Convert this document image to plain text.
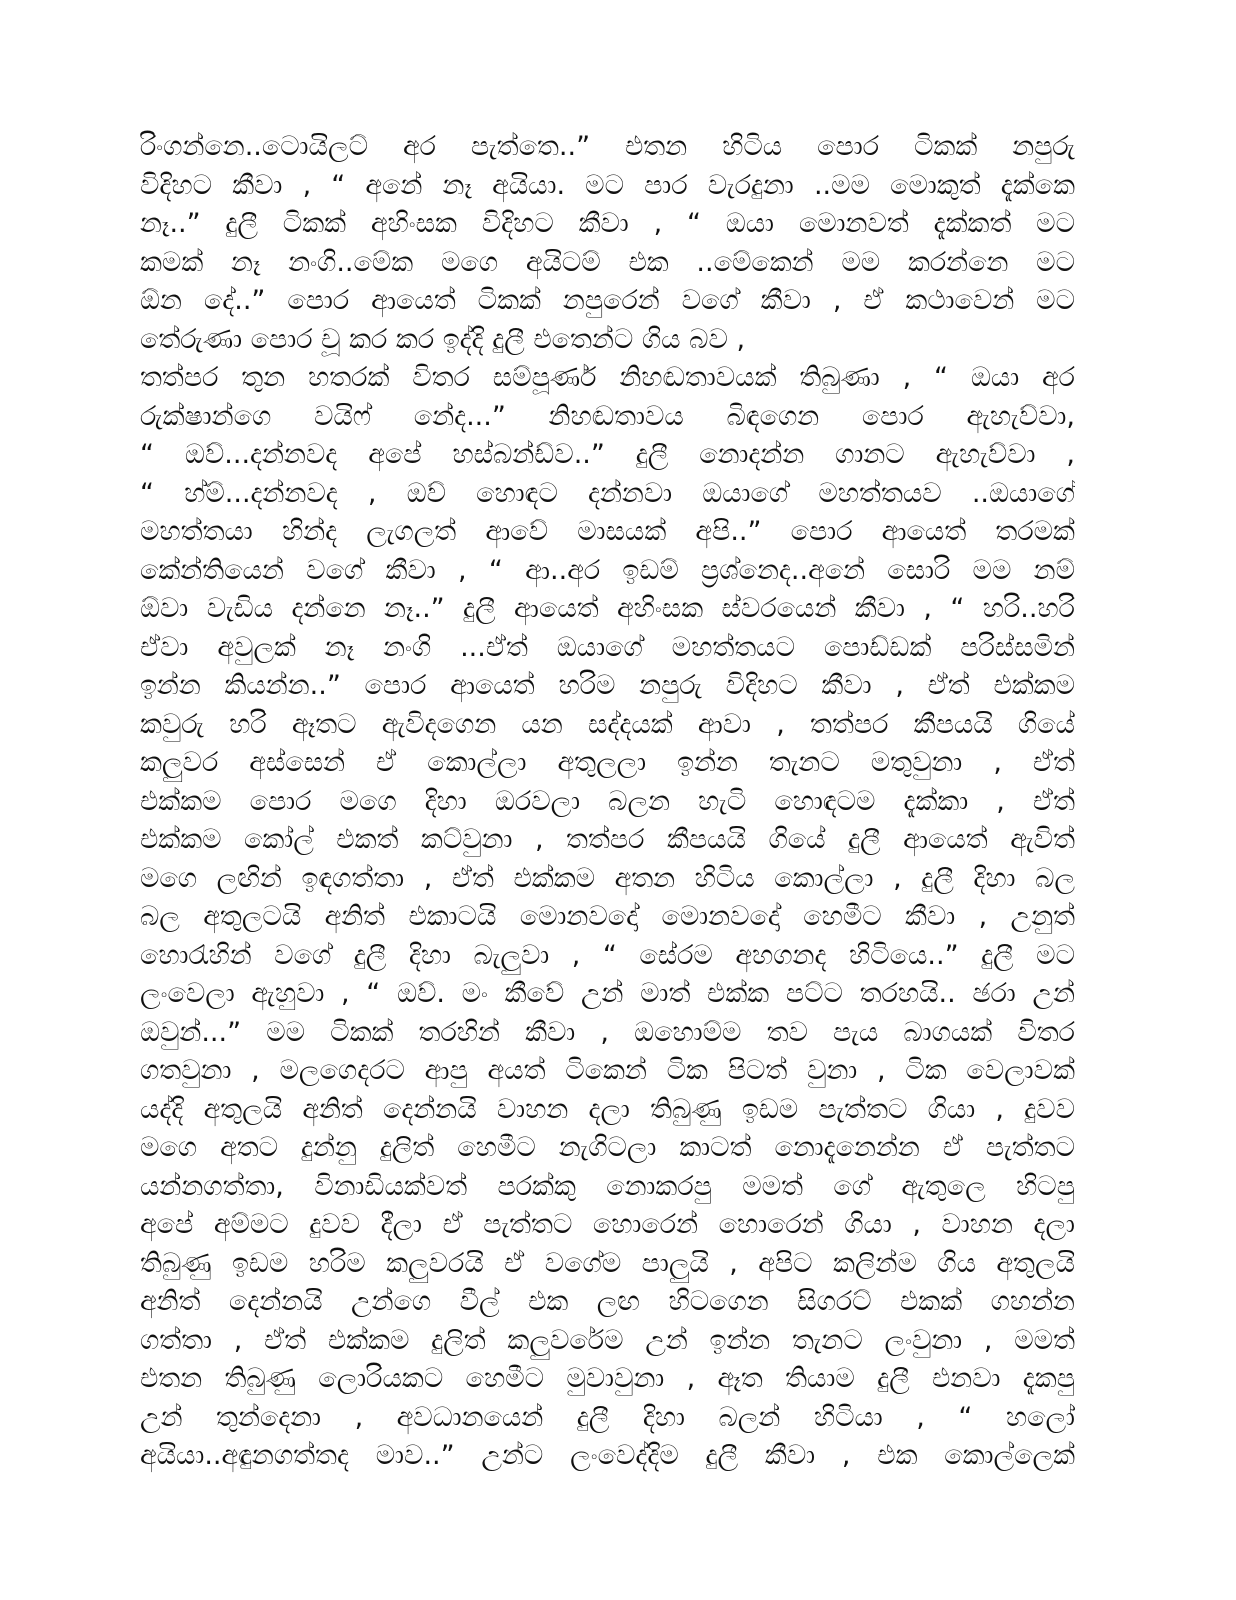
රිංගන්නෙ..ටොයිලට් අර පැත්තෙ..” එතන හිටිය පොර ටිකක් නපුරු
විදිහට කීවා , “ අනේ නෑ අයියා. මට පාර වැරදුනා ..මම මොකුත් දැක්කෙ
නෑ..” දුලී ටිකක් අහිංසක විදිහට කීවා , “ ඔයා මොනවත් දැක්කත් මට
කමක් නෑ නංගි..මේක මගෙ අයිටම් එක ..මේකෙන් මම කරන්නෙ මට
ඕන දේ..” පොර ආයෙත් ටිකක් නපුරෙන් වගේ කීවා , ඒ කථාවෙන් මට
තේරුණා පොර චූ කර කර ඉද්දි දුලී එතෙන්ට ගිය බව ,
තත්පර තුන හතරක් විතර සම්පූර්ණ නිහඬතාවයක් තිබුණා , “ ඔයා අර
රුක්ෂාන්ගෙ වයිෆ් නේද...” නිහඬතාවය බිඳගෙන පොර ඇහැව්වා,
“ ඔව්...දන්නවද අපේ හස්බන්ඩ්ව..” දුලී නොදන්න ගානට ඇහැව්වා ,
“ හ්ම්...දන්නවද , ඔව් හොඳට දන්නවා ඔයාගේ මහත්තයව ..ඔයාගේ
මහත්තයා හින්ද ලැගලත් ආවේ මාසයක් අපි..” පොර ආයෙත් තරමක්
කේන්තියෙන් වගේ කීවා , “ ආ..අර ඉඩම් ප්‍රශ්නෙද..අනේ සොරි මම නම්
ඕවා වැඩිය දන්නෙ නෑ..” දුලී ආයෙත් අහිංසක ස්වරයෙන් කීවා , “ හරි..හරි
ඒවා අවුලක් නෑ නංගි ...ඒත් ඔයාගේ මහත්තයට පොඩ්ඩක් පරිස්සමින්
ඉන්න කියන්න..” පොර ආයෙත් හරිම නපුරු විදිහට කීවා , ඒත් එක්කම
කවුරු හරි ඈතට ඇවිදගෙන යන සද්දයක් ආවා , තත්පර කීපයයි ගියේ
කලුවර අස්සෙන් ඒ කොල්ලා අතුලලා ඉන්න තැනට මතුවුනා , ඒත්
එක්කම පොර මගෙ දිහා ඔරවලා බලන හැටි හොඳටම දැක්කා , ඒත්
එක්කම කෝල් එකත් කට්වුනා , තත්පර කීපයයි ගියේ දුලී ආයෙත් ඇවිත්
මගෙ ලඟින් ඉඳගත්තා , ඒත් එක්කම අතන හිටිය කොල්ලා , දුලී දිහා බල
බල අතුලටයි අනිත් එකාටයි මොනවදෝ මොනවදෝ හෙමීට කීවා , උනුත්
හොරැහින් වගේ දුලී දිහා බැලුවා , “ සේරම අහගනද හිටියෙ..” දුලී මට
ලංවෙලා ඇහුවා , “ ඔව්. මං කීවේ උන් මාත් එක්ක පට්ට තරහයි.. ඡරා උන්
ඔවුන්...” මම ටිකක් තරහින් කීවා , ඔහොම්ම තව පැය බාගයක් විතර
ගතවුනා , මලගෙදරට ආපු අයත් ටිකෙන් ටික පිටත් වුනා , ටික වෙලාවක්
යද්දි අතුලයි අනිත් දෙන්නයි වාහන දලා තිබුණු ඉඩම පැත්තට ගියා , දුවව
මගෙ අතට දුන්නු දුලිත් හෙමීට නැගිටලා කාටත් නොදැනෙන්න ඒ පැත්තට
යන්නගත්තා, විනාඩියක්වත් පරක්කු නොකරපු මමත් ගේ ඇතුලෙ හිටපු
අපේ අම්මට දුවව දීලා ඒ පැත්තට හොරෙන් හොරෙන් ගියා , වාහන දලා
තිබුණු ඉඩම හරිම කලුවරයි ඒ වගේම පාලුයි , අපිට කලින්ම ගිය අතුලයි
අනිත් දෙන්නයි උන්ගෙ වීල් එක ලඟ හිටගෙන සිගරට් එකක් ගහන්න
ගත්තා , ඒත් එක්කම දුලිත් කලුවරේම උන් ඉන්න තැනට ලංවුනා , මමත්
එතන තිබුණු ලොරියකට හෙමීට මුවාවුනා , ඈත තියාම දුලී එනවා දැකපු
උන් තුන්දෙනා , අවධානයෙන් දුලී දිහා බලන් හිටියා , “ හලෝ
අයියා..අඳුනගත්තද මාව..” උන්ට ලංවෙද්දිම දුලී කීවා , එක කොල්ලෙක්
